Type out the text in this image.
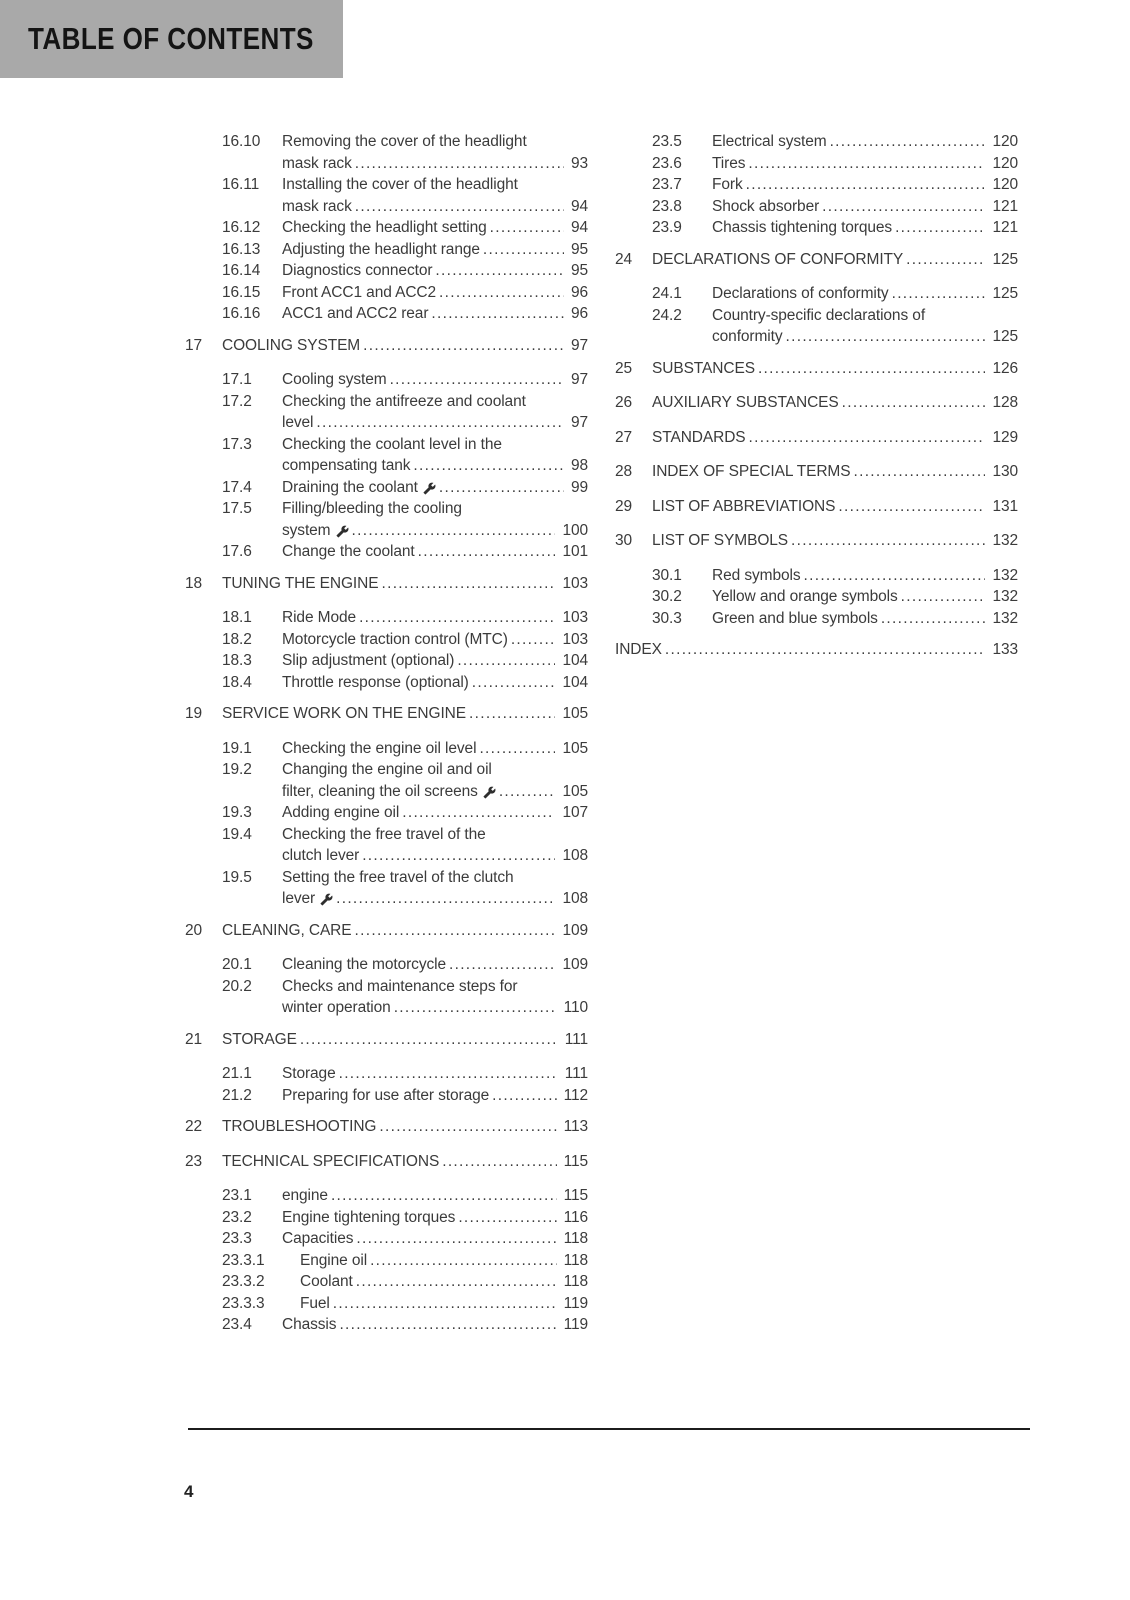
TABLE OF CONTENTS
16.10	Removing the cover of the headlight
mask rack .....	93
16.11	Installing the cover of the headlight
mask rack .....	94
16.12	Checking the headlight setting .....	94
16.13	Adjusting the headlight range .....	95
16.14	Diagnostics connector .....	95
16.15	Front ACC1 and ACC2 .....	96
16.16	ACC1 and ACC2 rear .....	96
17	COOLING SYSTEM .....	97
17.1	Cooling system .....	97
17.2	Checking the antifreeze and coolant
level .....	97
17.3	Checking the coolant level in the
compensating tank .....	98
17.4	Draining the coolant .....	99
17.5	Filling/bleeding the cooling
system .....	100
17.6	Change the coolant .....	101
18	TUNING THE ENGINE .....	103
18.1	Ride Mode .....	103
18.2	Motorcycle traction control (MTC) .....	103
18.3	Slip adjustment (optional) .....	104
18.4	Throttle response (optional) .....	104
19	SERVICE WORK ON THE ENGINE .....	105
19.1	Checking the engine oil level .....	105
19.2	Changing the engine oil and oil
filter, cleaning the oil screens .....	105
19.3	Adding engine oil .....	107
19.4	Checking the free travel of the
clutch lever .....	108
19.5	Setting the free travel of the clutch
lever .....	108
20	CLEANING, CARE .....	109
20.1	Cleaning the motorcycle .....	109
20.2	Checks and maintenance steps for
winter operation .....	110
21	STORAGE .....	111
21.1	Storage .....	111
21.2	Preparing for use after storage .....	112
22	TROUBLESHOOTING .....	113
23	TECHNICAL SPECIFICATIONS .....	115
23.1	engine .....	115
23.2	Engine tightening torques .....	116
23.3	Capacities .....	118
23.3.1	Engine oil .....	118
23.3.2	Coolant .....	118
23.3.3	Fuel .....	119
23.4	Chassis .....	119
23.5	Electrical system .....	120
23.6	Tires .....	120
23.7	Fork .....	120
23.8	Shock absorber .....	121
23.9	Chassis tightening torques .....	121
24	DECLARATIONS OF CONFORMITY .....	125
24.1	Declarations of conformity .....	125
24.2	Country-specific declarations of
conformity .....	125
25	SUBSTANCES .....	126
26	AUXILIARY SUBSTANCES .....	128
27	STANDARDS .....	129
28	INDEX OF SPECIAL TERMS .....	130
29	LIST OF ABBREVIATIONS .....	131
30	LIST OF SYMBOLS .....	132
30.1	Red symbols .....	132
30.2	Yellow and orange symbols .....	132
30.3	Green and blue symbols .....	132
INDEX .....	133
4
